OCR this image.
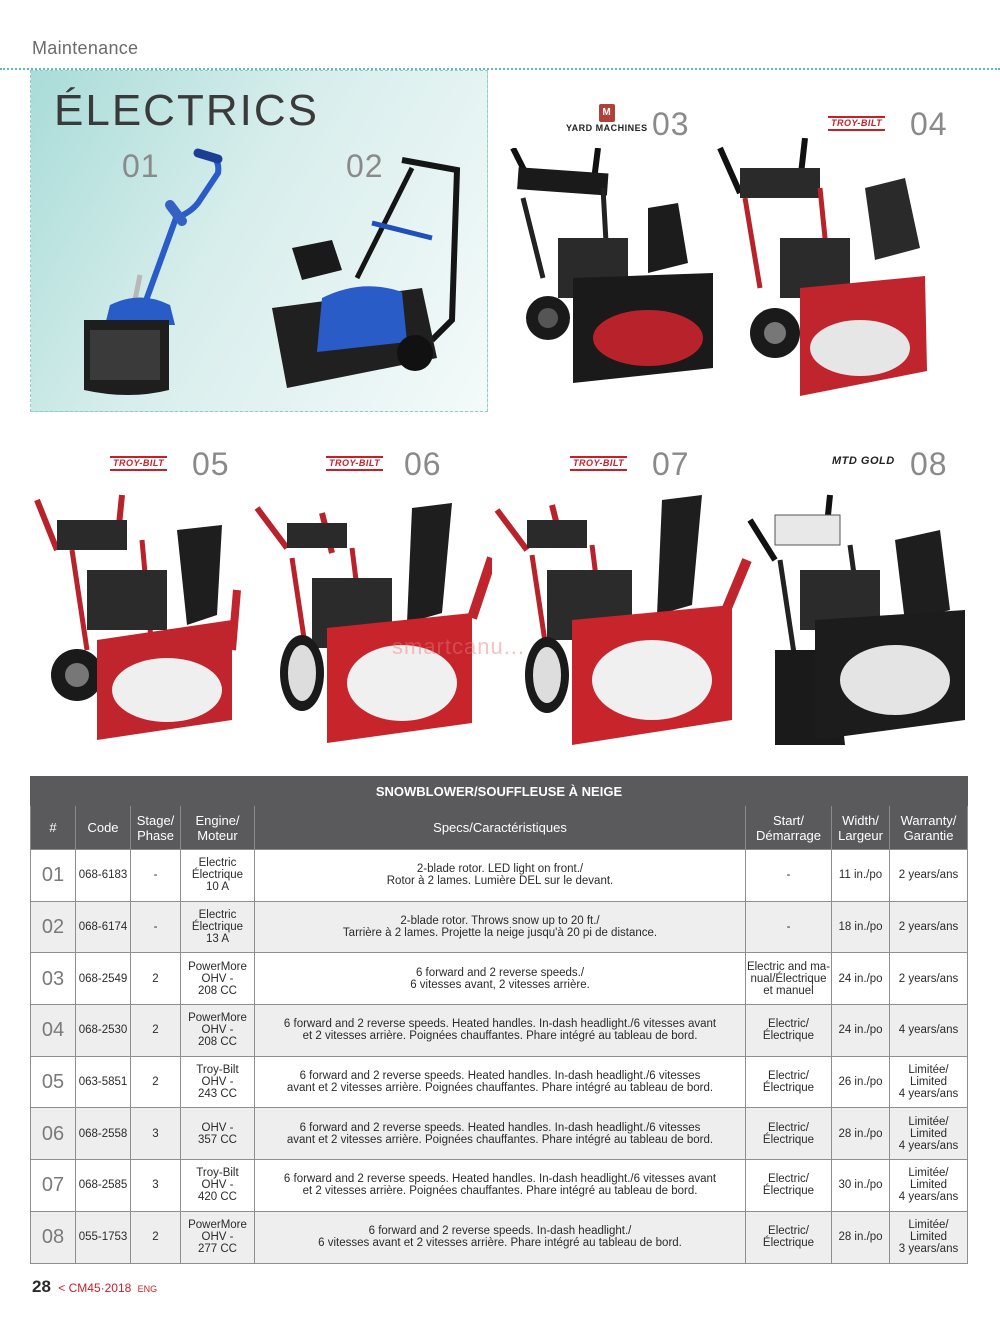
Maintenance
ÉLECTRICS
01	02
03	04
05	06	07	08
M
YARD MACHINES	TROY-BILT
TROY-BILT	TROY-BILT	TROY-BILT	MTD GOLD
smartcanu...
SNOWBLOWER/SOUFFLEUSE À NEIGE							
#	Code	Stage/
Phase	Engine/
Moteur	Specs/Caractéristiques	Start/
Démarrage	Width/
Largeur	Warranty/
Garantie
01	068-6183	-	Electric
Électrique
10 A	2-blade rotor. LED light on front./
Rotor à 2 lames. Lumière DEL sur le devant.	-	11 in./po	2 years/ans
02	068-6174	-	Electric
Électrique
13 A	2-blade rotor. Throws snow up to 20 ft./
Tarrière à 2 lames. Projette la neige jusqu'à 20 pi de distance.	-	18 in./po	2 years/ans
03	068-2549	2	PowerMore
OHV -
208 CC	6 forward and 2 reverse speeds./
6 vitesses avant, 2 vitesses arrière.	Electric and ma-
nual/Électrique
et manuel	24 in./po	2 years/ans
04	068-2530	2	PowerMore
OHV -
208 CC	6 forward and 2 reverse speeds. Heated handles. In-dash headlight./6 vitesses avant
et 2 vitesses arrière. Poignées chauffantes. Phare intégré au tableau de bord.	Electric/
Électrique	24 in./po	4 years/ans
05	063-5851	2	Troy-Bilt
OHV -
243 CC	6 forward and 2 reverse speeds. Heated handles. In-dash headlight./6 vitesses
avant et 2 vitesses arrière. Poignées chauffantes. Phare intégré au tableau de bord.	Electric/
Électrique	26 in./po	Limitée/
Limited
4 years/ans
06	068-2558	3	OHV -
357 CC	6 forward and 2 reverse speeds. Heated handles. In-dash headlight./6 vitesses
avant et 2 vitesses arrière. Poignées chauffantes. Phare intégré au tableau de bord.	Electric/
Électrique	28 in./po	Limitée/
Limited
4 years/ans
07	068-2585	3	Troy-Bilt
OHV -
420 CC	6 forward and 2 reverse speeds. Heated handles. In-dash headlight./6 vitesses avant
et 2 vitesses arrière. Poignées chauffantes. Phare intégré au tableau de bord.	Electric/
Électrique	30 in./po	Limitée/
Limited
4 years/ans
08	055-1753	2	PowerMore
OHV -
277 CC	6 forward and 2 reverse speeds. In-dash headlight./
6 vitesses avant et 2 vitesses arrière. Phare intégré au tableau de bord.	Electric/
Électrique	28 in./po	Limitée/
Limited
3 years/ans
28 < CM45·2018 ENG
